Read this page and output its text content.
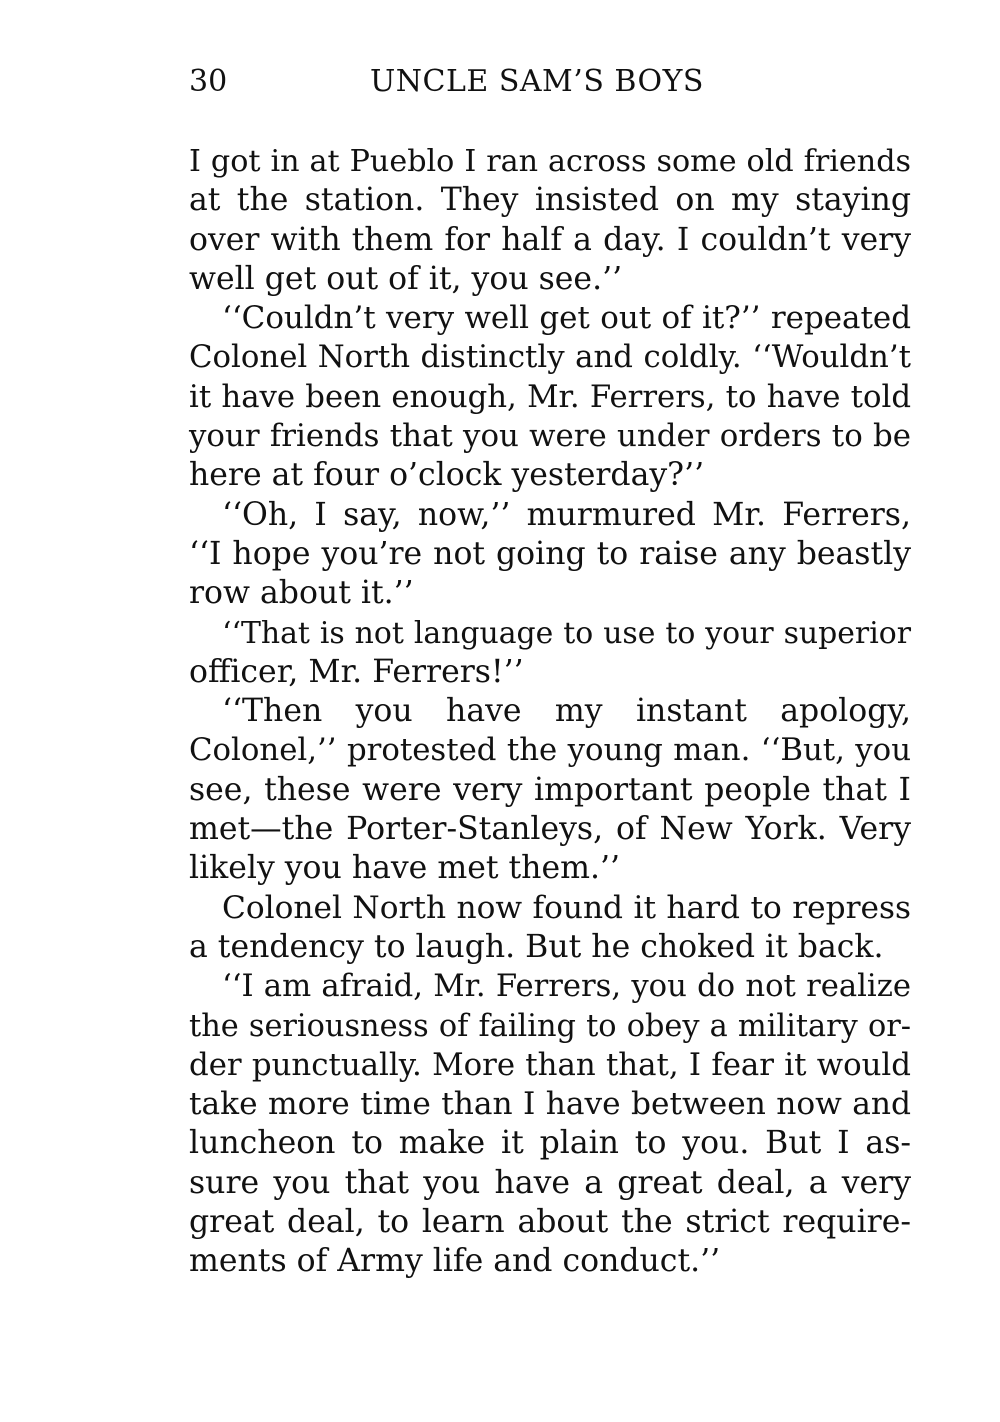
30	UNCLE SAM’S BOYS
I got in at Pueblo I ran across some old friends
at the station. They insisted on my staying
over with them for half a day. I couldn’t very
well get out of it, you see.’’
‘‘Couldn’t very well get out of it?’’ repeated
Colonel North distinctly and coldly. ‘‘Wouldn’t
it have been enough, Mr. Ferrers, to have told
your friends that you were under orders to be
here at four o’clock yesterday?’’
‘‘Oh, I say, now,’’ murmured Mr. Ferrers,
‘‘I hope you’re not going to raise any beastly
row about it.’’
‘‘That is not language to use to your superior
officer, Mr. Ferrers!’’
‘‘Then you have my instant apology,
Colonel,’’ protested the young man. ‘‘But, you
see, these were very important people that I
met—the Porter-Stanleys, of New York. Very
likely you have met them.’’
Colonel North now found it hard to repress
a tendency to laugh. But he choked it back.
‘‘I am afraid, Mr. Ferrers, you do not realize
the seriousness of failing to obey a military or-
der punctually. More than that, I fear it would
take more time than I have between now and
luncheon to make it plain to you. But I as-
sure you that you have a great deal, a very
great deal, to learn about the strict require-
ments of Army life and conduct.’’
